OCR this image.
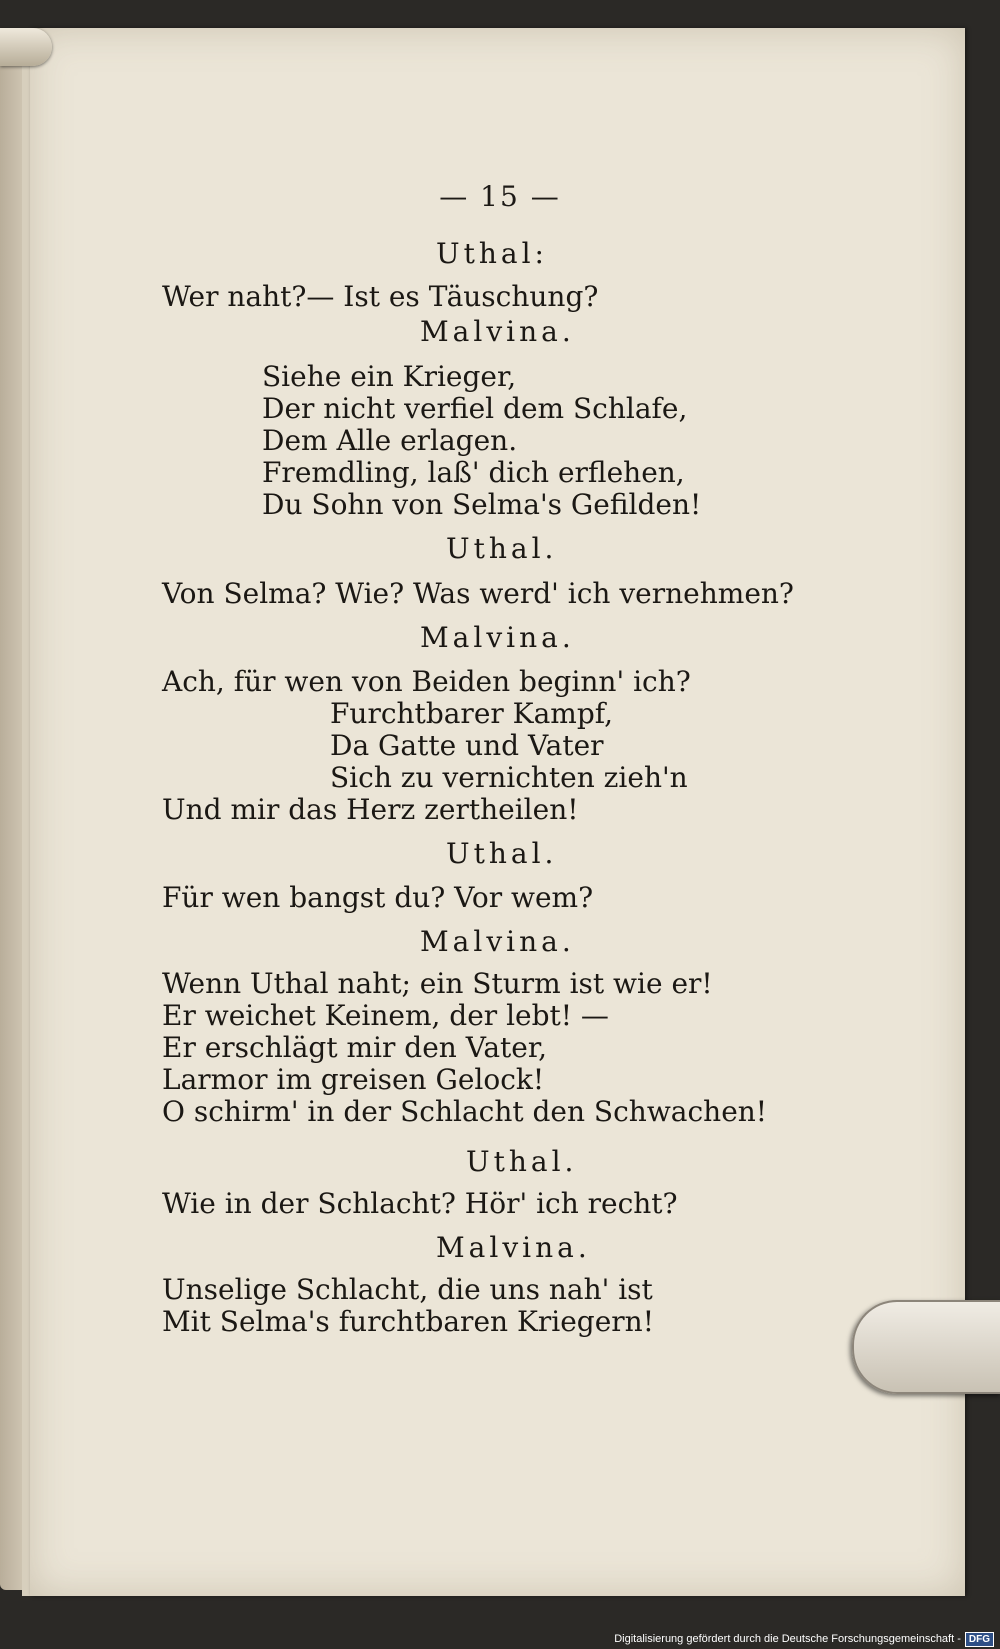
— 15 —
Uthal:
Wer naht?— Ist es Täuschung?
Malvina.
Siehe ein Krieger,
Der nicht verfiel dem Schlafe,
Dem Alle erlagen.
Fremdling, laß' dich erflehen,
Du Sohn von Selma's Gefilden!
Uthal.
Von Selma? Wie? Was werd' ich vernehmen?
Malvina.
Ach, für wen von Beiden beginn' ich?
Furchtbarer Kampf,
Da Gatte und Vater
Sich zu vernichten zieh'n
Und mir das Herz zertheilen!
Uthal.
Für wen bangst du? Vor wem?
Malvina.
Wenn Uthal naht; ein Sturm ist wie er!
Er weichet Keinem, der lebt! —
Er erschlägt mir den Vater,
Larmor im greisen Gelock!
O schirm' in der Schlacht den Schwachen!
Uthal.
Wie in der Schlacht? Hör' ich recht?
Malvina.
Unselige Schlacht, die uns nah' ist
Mit Selma's furchtbaren Kriegern!
Digitalisierung gefördert durch die Deutsche Forschungsgemeinschaft - DFG
